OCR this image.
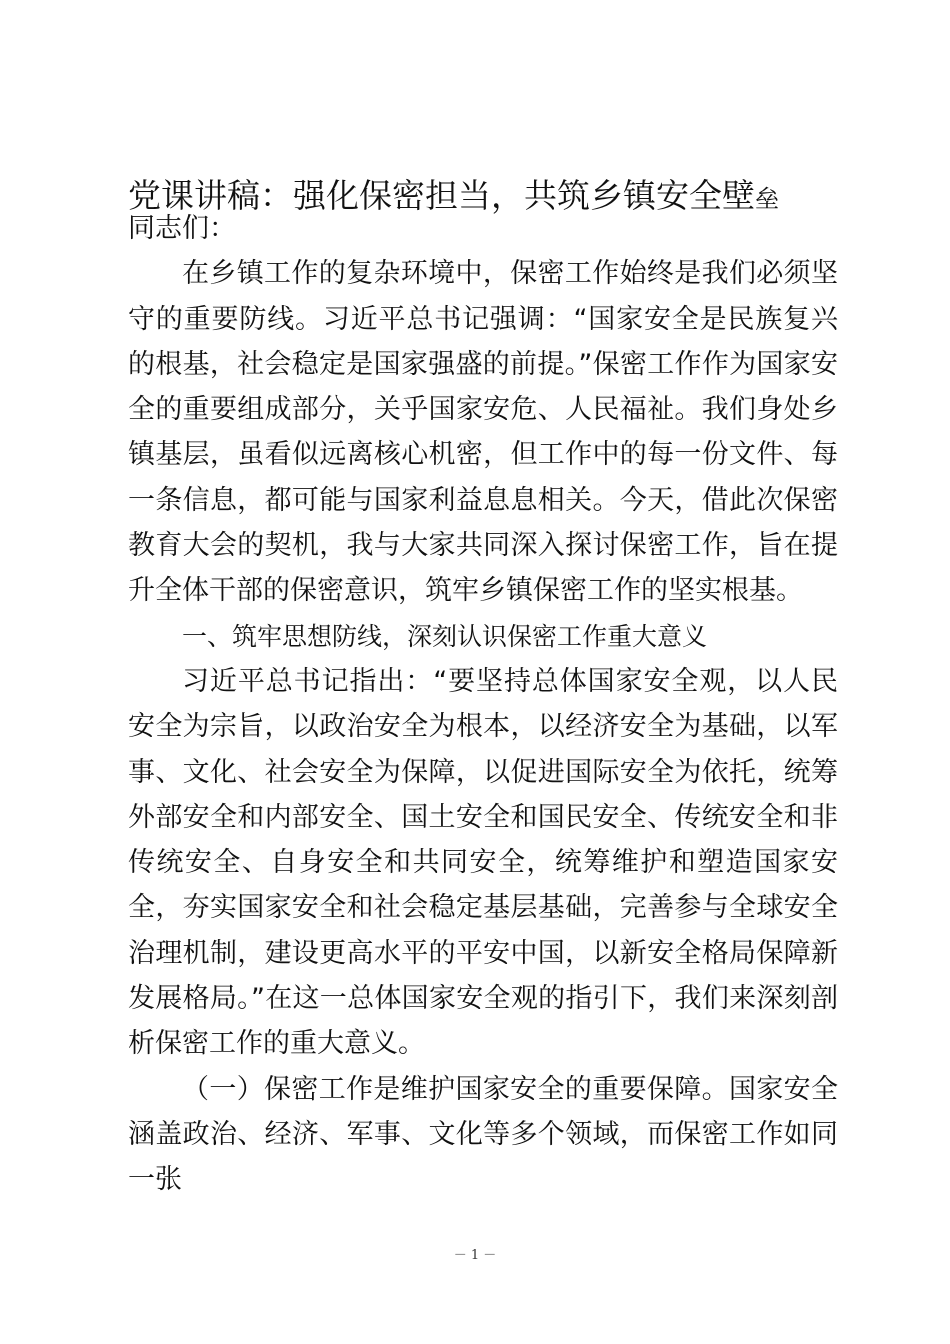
党课讲稿：强化保密担当，共筑乡镇安全壁垒

同志们：

在乡镇工作的复杂环境中，保密工作始终是我们必须坚守的重要防线。习近平总书记强调：“国家安全是民族复兴的根基，社会稳定是国家强盛的前提。”保密工作作为国家安全的重要组成部分，关乎国家安危、人民福祉。我们身处乡镇基层，虽看似远离核心机密，但工作中的每一份文件、每一条信息，都可能与国家利益息息相关。今天，借此次保密教育大会的契机，我与大家共同深入探讨保密工作，旨在提升全体干部的保密意识，筑牢乡镇保密工作的坚实根基。

一、筑牢思想防线，深刻认识保密工作重大意义

习近平总书记指出：“要坚持总体国家安全观，以人民安全为宗旨，以政治安全为根本，以经济安全为基础，以军事、文化、社会安全为保障，以促进国际安全为依托，统筹外部安全和内部安全、国土安全和国民安全、传统安全和非传统安全、自身安全和共同安全，统筹维护和塑造国家安全，夯实国家安全和社会稳定基层基础，完善参与全球安全治理机制，建设更高水平的平安中国，以新安全格局保障新发展格局。”在这一总体国家安全观的指引下，我们来深刻剖析保密工作的重大意义。

（一）保密工作是维护国家安全的重要保障。国家安全涵盖政治、经济、军事、文化等多个领域，而保密工作如同一张

－ 1 －
